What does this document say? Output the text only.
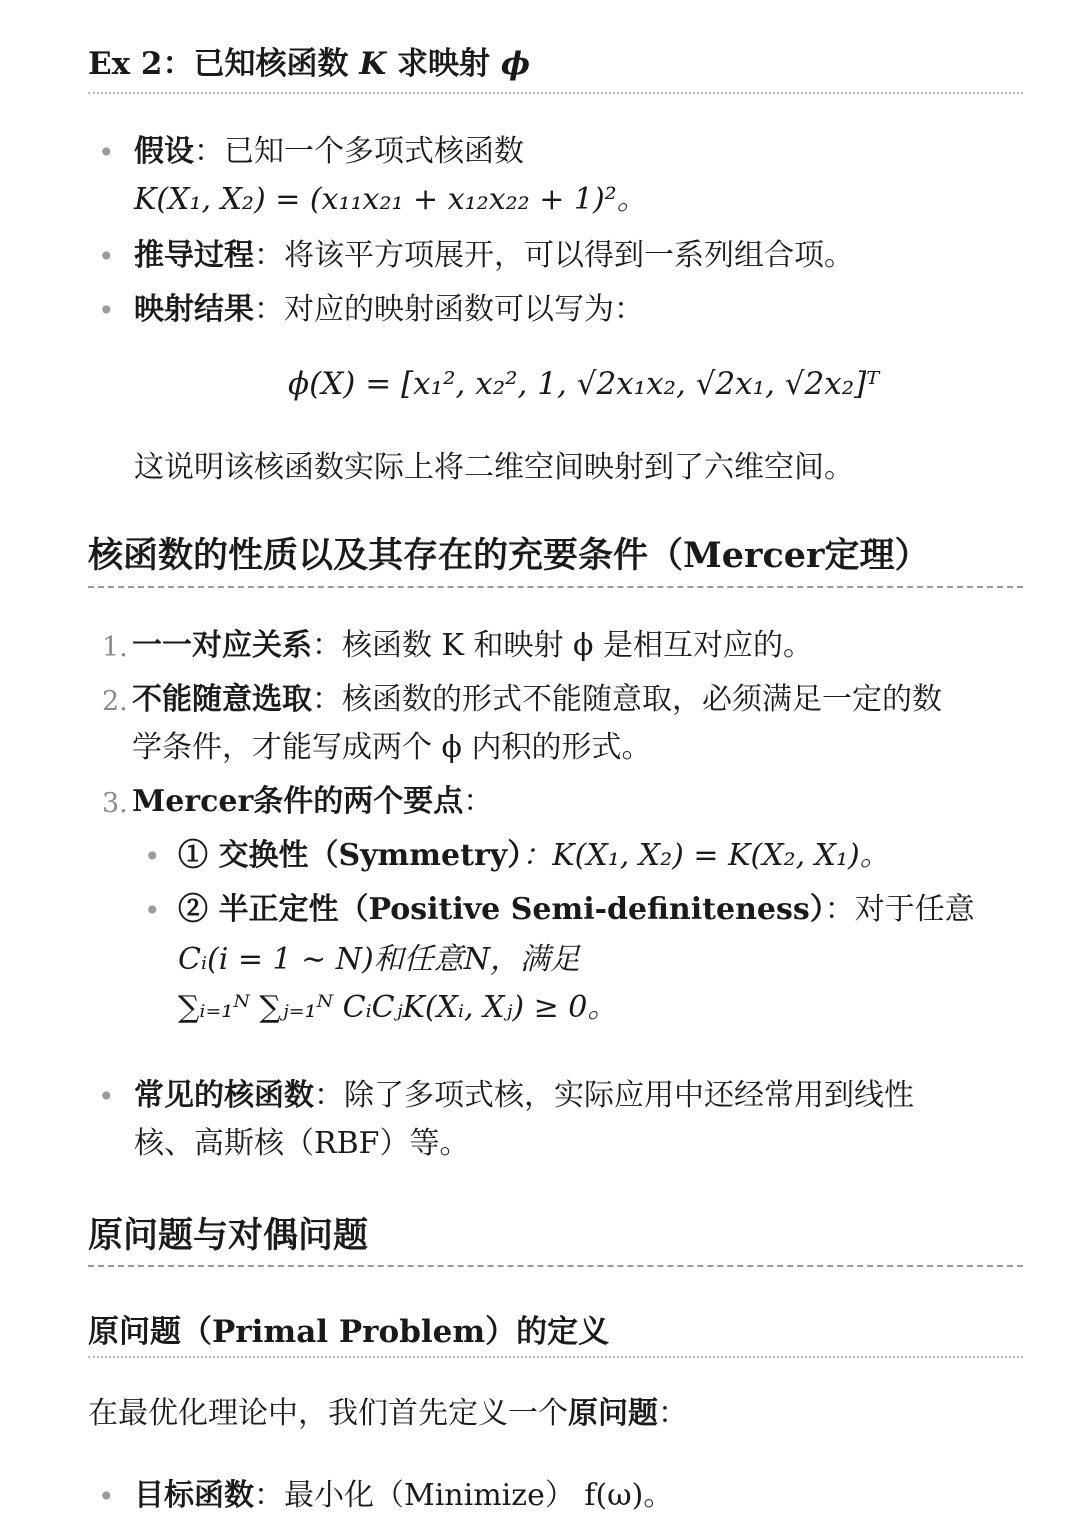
Ex 2：已知核函数 K 求映射 ϕ
• 假设：已知一个多项式核函数
K(X₁, X₂) = (x₁₁x₂₁ + x₁₂x₂₂ + 1)²。
• 推导过程：将该平方项展开，可以得到一系列组合项。
• 映射结果：对应的映射函数可以写为：
ϕ(X) = [x₁², x₂², 1, √2x₁x₂, √2x₁, √2x₂]ᵀ
这说明该核函数实际上将二维空间映射到了六维空间。
核函数的性质以及其存在的充要条件（Mercer定理）
1. 一一对应关系：核函数 K 和映射 ϕ 是相互对应的。
2. 不能随意选取：核函数的形式不能随意取，必须满足一定的数
学条件，才能写成两个 ϕ 内积的形式。
3. Mercer条件的两个要点：
• ① 交换性（Symmetry）：K(X₁, X₂) = K(X₂, X₁)。
• ② 半正定性（Positive Semi-definiteness）：对于任意
Cᵢ(i = 1 ∼ N)和任意N，满足
∑ᵢ₌₁ᴺ ∑ⱼ₌₁ᴺ CᵢCⱼK(Xᵢ, Xⱼ) ≥ 0。
• 常见的核函数：除了多项式核，实际应用中还经常用到线性
核、高斯核（RBF）等。
原问题与对偶问题
原问题（Primal Problem）的定义
在最优化理论中，我们首先定义一个原问题：
• 目标函数：最小化（Minimize） f(ω)。
